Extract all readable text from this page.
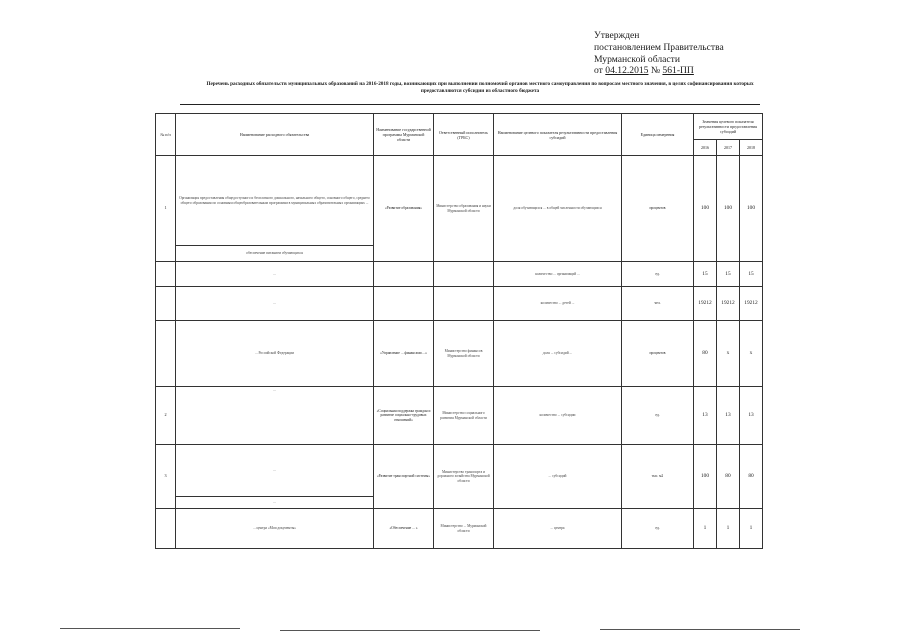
Утвержден
постановлением Правительства
Мурманской области
от 04.12.2015 № 561-ПП
Перечень расходных обязательств муниципальных образований на 2016-2018 годы, возникающих при выполнении полномочий органов местного самоуправления по вопросам местного значения, в целях софинансирования которых
предоставляются субсидии из областного бюджета
№ п/п	Наименование расходного обязательства	Наименование государственной программы Мурманской области	Ответственный исполнитель (ГРБС)	Наименование целевого показателя результативности предоставления субсидий	Единица измерения	Значения целевого показателя результативности предоставления субсидий		
						2016	2017	2018
1	Организация предоставления общедоступного и бесплатного дошкольного, начального общего, основного общего, среднего общего образования по основным общеобразовательным программам в муниципальных образовательных организациях ...	«Развитие образования»	Министерство образования и науки Мурманской области	доля обучающихся ... в общей численности обучающихся	процентов	100	100	100
	обеспечение питанием обучающихся							
	...			количество ... организаций ...	ед.	15	15	15
	...			количество ... детей ...	чел.	19212	19212	19212
	... Российской Федерации	«Управление ... финансами ...»	Министерство финансов Мурманской области	доля ... субсидий ...	процентов	80	x	x
2	...	«Социальная поддержка граждан и развитие социально-трудовых отношений»	Министерство социального развития Мурманской области	количество ... субсидии	ед.	13	13	13
3	...	«Развитие транспортной системы»	Министерство транспорта и дорожного хозяйства Мурманской области	... субсидий	тыс. м2	100	80	80
	...							
	... центра «Мои документы»	«Обеспечение ... »	Министерство ... Мурманской области	... центра	ед.	1	1	1
